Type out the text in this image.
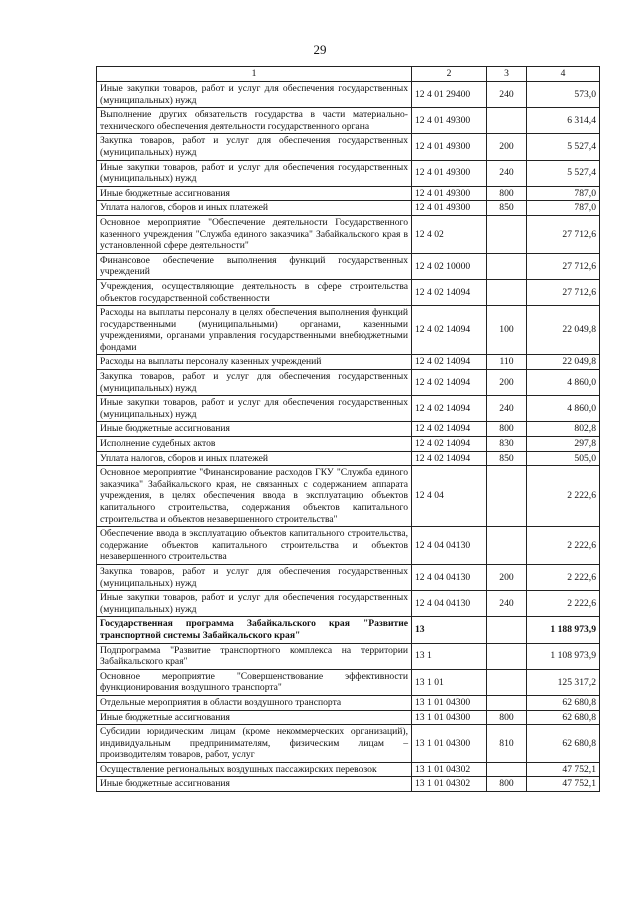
29
1	2	3	4
Иные закупки товаров, работ и услуг для обеспечения государственных (муниципальных) нужд	12 4 01 29400	240	573,0
Выполнение других обязательств государства в части материально-технического обеспечения деятельности государственного органа	12 4 01 49300		6 314,4
Закупка товаров, работ и услуг для обеспечения государственных (муниципальных) нужд	12 4 01 49300	200	5 527,4
Иные закупки товаров, работ и услуг для обеспечения государственных (муниципальных) нужд	12 4 01 49300	240	5 527,4
Иные бюджетные ассигнования	12 4 01 49300	800	787,0
Уплата налогов, сборов и иных платежей	12 4 01 49300	850	787,0
Основное мероприятие "Обеспечение деятельности Государственного казенного учреждения "Служба единого заказчика" Забайкальского края в установленной сфере деятельности"	12 4 02		27 712,6
Финансовое обеспечение выполнения функций государственных учреждений	12 4 02 10000		27 712,6
Учреждения, осуществляющие деятельность в сфере строительства объектов государственной собственности	12 4 02 14094		27 712,6
Расходы на выплаты персоналу в целях обеспечения выполнения функций государственными (муниципальными) органами, казенными учреждениями, органами управления государственными внебюджетными фондами	12 4 02 14094	100	22 049,8
Расходы на выплаты персоналу казенных учреждений	12 4 02 14094	110	22 049,8
Закупка товаров, работ и услуг для обеспечения государственных (муниципальных) нужд	12 4 02 14094	200	4 860,0
Иные закупки товаров, работ и услуг для обеспечения государственных (муниципальных) нужд	12 4 02 14094	240	4 860,0
Иные бюджетные ассигнования	12 4 02 14094	800	802,8
Исполнение судебных актов	12 4 02 14094	830	297,8
Уплата налогов, сборов и иных платежей	12 4 02 14094	850	505,0
Основное мероприятие "Финансирование расходов ГКУ "Служба единого заказчика" Забайкальского края, не связанных с содержанием аппарата учреждения, в целях обеспечения ввода в эксплуатацию объектов капитального строительства, содержания объектов капитального строительства и объектов незавершенного строительства"	12 4 04		2 222,6
Обеспечение ввода в эксплуатацию объектов капитального строительства, содержание объектов капитального строительства и объектов незавершенного строительства	12 4 04 04130		2 222,6
Закупка товаров, работ и услуг для обеспечения государственных (муниципальных) нужд	12 4 04 04130	200	2 222,6
Иные закупки товаров, работ и услуг для обеспечения государственных (муниципальных) нужд	12 4 04 04130	240	2 222,6
Государственная программа Забайкальского края "Развитие транспортной системы Забайкальского края"	13		1 188 973,9
Подпрограмма "Развитие транспортного комплекса на территории Забайкальского края"	13 1		1 108 973,9
Основное мероприятие "Совершенствование эффективности функционирования воздушного транспорта"	13 1 01		125 317,2
Отдельные мероприятия в области воздушного транспорта	13 1 01 04300		62 680,8
Иные бюджетные ассигнования	13 1 01 04300	800	62 680,8
Субсидии юридическим лицам (кроме некоммерческих организаций), индивидуальным предпринимателям, физическим лицам – производителям товаров, работ, услуг	13 1 01 04300	810	62 680,8
Осуществление региональных воздушных пассажирских перевозок	13 1 01 04302		47 752,1
Иные бюджетные ассигнования	13 1 01 04302	800	47 752,1
